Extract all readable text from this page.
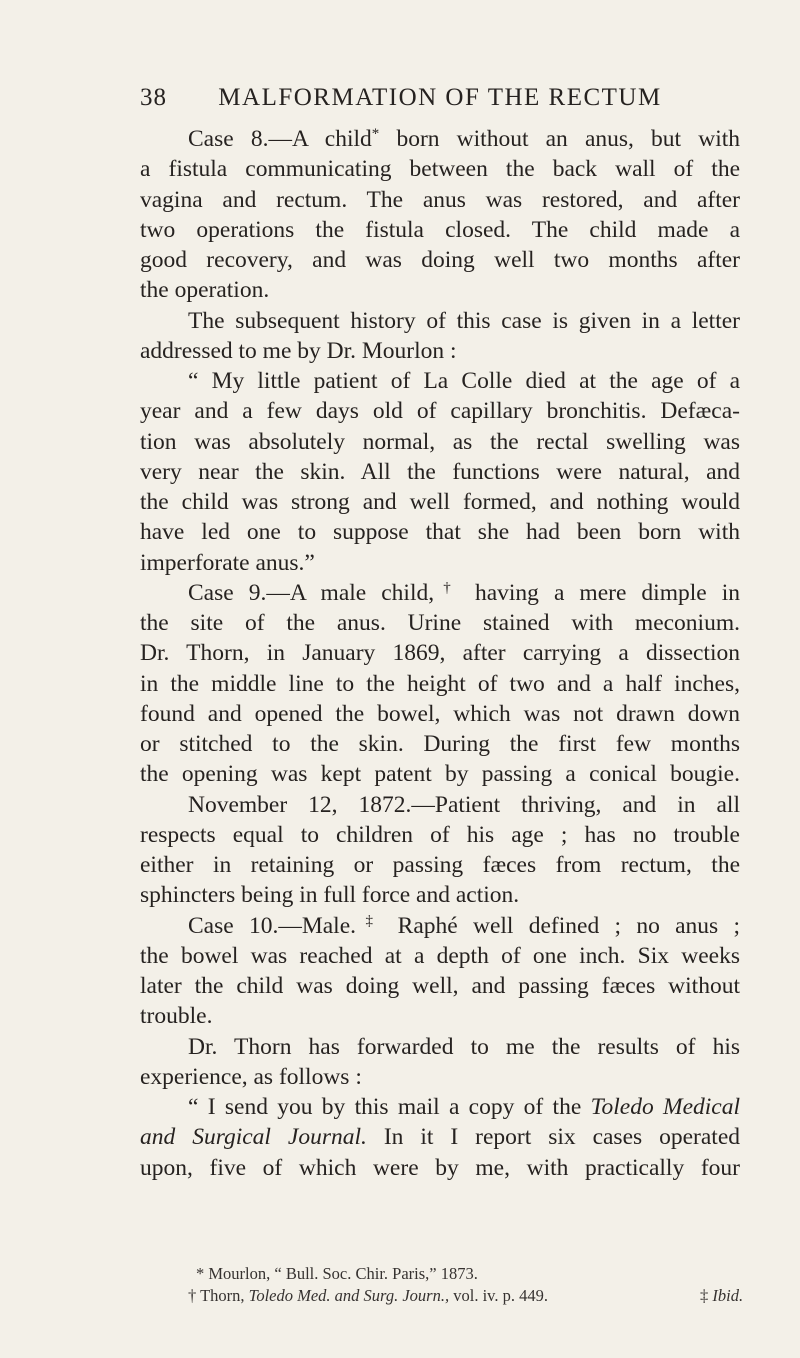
38	MALFORMATION OF THE RECTUM

Case 8.—A child* born without an anus, but with

a fistula communicating between the back wall of the

vagina and rectum. The anus was restored, and after

two operations the fistula closed. The child made a

good recovery, and was doing well two months after

the operation.

The subsequent history of this case is given in a letter

addressed to me by Dr. Mourlon :

“ My little patient of La Colle died at the age of a

year and a few days old of capillary bronchitis. Defæca-

tion was absolutely normal, as the rectal swelling was

very near the skin. All the functions were natural, and

the child was strong and well formed, and nothing would

have led one to suppose that she had been born with

imperforate anus.”

Case 9.—A male child,† having a mere dimple in

the site of the anus. Urine stained with meconium.

Dr. Thorn, in January 1869, after carrying a dissection

in the middle line to the height of two and a half inches,

found and opened the bowel, which was not drawn down

or stitched to the skin. During the first few months

the opening was kept patent by passing a conical bougie.

November 12, 1872.—Patient thriving, and in all

respects equal to children of his age ; has no trouble

either in retaining or passing fæces from rectum, the

sphincters being in full force and action.

Case 10.—Male.‡ Raphé well defined ; no anus ;

the bowel was reached at a depth of one inch. Six weeks

later the child was doing well, and passing fæces without

trouble.

Dr. Thorn has forwarded to me the results of his

experience, as follows :

“ I send you by this mail a copy of the Toledo Medical

and Surgical Journal. In it I report six cases operated

upon, five of which were by me, with practically four

* Mourlon, “ Bull. Soc. Chir. Paris,” 1873.

† Thorn, Toledo Med. and Surg. Journ., vol. iv. p. 449.	‡ Ibid.
